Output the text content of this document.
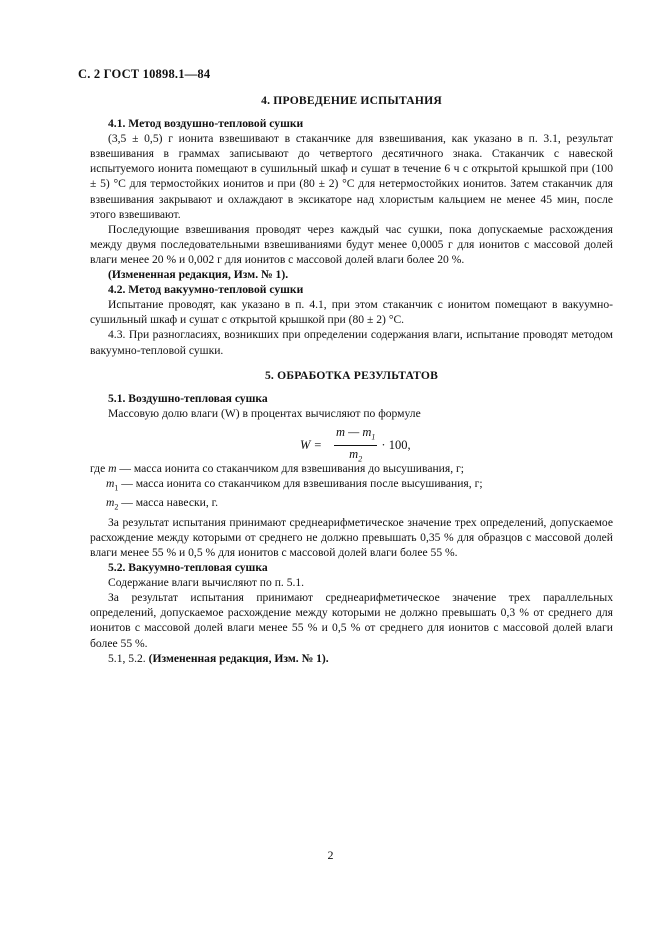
С. 2 ГОСТ 10898.1—84

4. ПРОВЕДЕНИЕ ИСПЫТАНИЯ

4.1. Метод воздушно-тепловой сушки

(3,5 ± 0,5) г ионита взвешивают в стаканчике для взвешивания, как указано в п. 3.1, результат взвешивания в граммах записывают до четвертого десятичного знака. Стаканчик с навеской испытуемого ионита помещают в сушильный шкаф и сушат в течение 6 ч с открытой крышкой при (100 ± 5) °С для термостойких ионитов и при (80 ± 2) °С для нетермостойких ионитов. Затем стаканчик для взвешивания закрывают и охлаждают в эксикаторе над хлористым кальцием не менее 45 мин, после этого взвешивают.

Последующие взвешивания проводят через каждый час сушки, пока допускаемые расхождения между двумя последовательными взвешиваниями будут менее 0,0005 г для ионитов с массовой долей влаги менее 20 % и 0,002 г для ионитов с массовой долей влаги более 20 %.

(Измененная редакция, Изм. № 1).

4.2. Метод вакуумно-тепловой сушки

Испытание проводят, как указано в п. 4.1, при этом стаканчик с ионитом помещают в вакуумно-сушильный шкаф и сушат с открытой крышкой при (80 ± 2) °С.

4.3. При разногласиях, возникших при определении содержания влаги, испытание проводят методом вакуумно-тепловой сушки.

5. ОБРАБОТКА РЕЗУЛЬТАТОВ

5.1. Воздушно-тепловая сушка

Массовую долю влаги (W) в процентах вычисляют по формуле

$W = \frac{m — m_1}{m_2} \cdot 100$,

где m — масса ионита со стаканчиком для взвешивания до высушивания, г;

$m_1$ — масса ионита со стаканчиком для взвешивания после высушивания, г;

$m_2$ — масса навески, г.

За результат испытания принимают среднеарифметическое значение трех определений, допускаемое расхождение между которыми от среднего не должно превышать 0,35 % для образцов с массовой долей влаги менее 55 % и 0,5 % для ионитов с массовой долей влаги более 55 %.

5.2. Вакуумно-тепловая сушка

Содержание влаги вычисляют по п. 5.1.

За результат испытания принимают среднеарифметическое значение трех параллельных определений, допускаемое расхождение между которыми не должно превышать 0,3 % от среднего для ионитов с массовой долей влаги менее 55 % и 0,5 % от среднего для ионитов с массовой долей влаги более 55 %.

5.1, 5.2. (Измененная редакция, Изм. № 1).

2
